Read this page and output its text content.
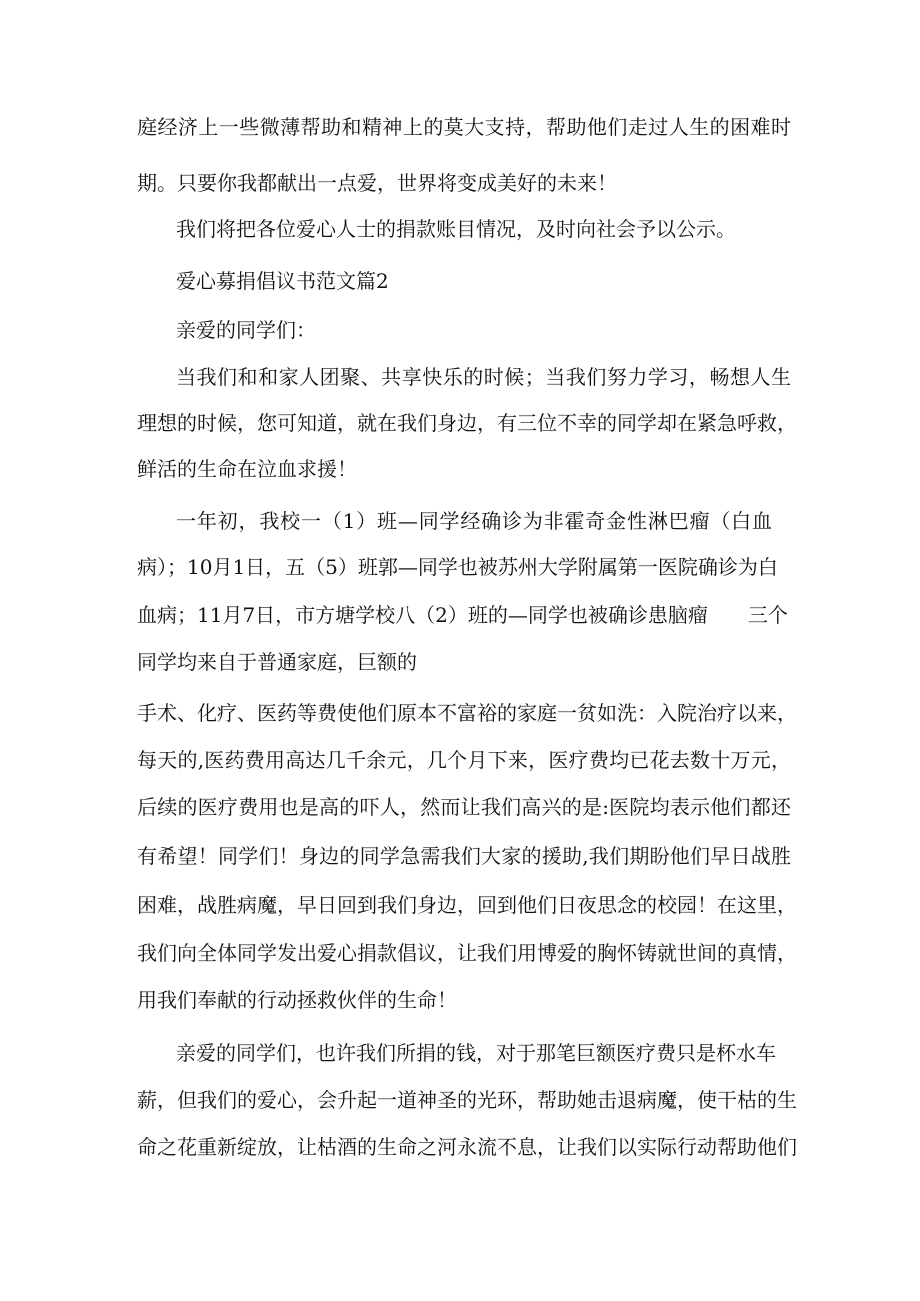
庭经济上一些微薄帮助和精神上的莫大支持，帮助他们走过人生的困难时

期。只要你我都献出一点爱，世界将变成美好的未来！

我们将把各位爱心人士的捐款账目情况，及时向社会予以公示。

爱心募捐倡议书范文篇2

亲爱的同学们：

当我们和和家人团聚、共享快乐的时候；当我们努力学习，畅想人生

理想的时候，您可知道，就在我们身边，有三位不幸的同学却在紧急呼救，

鲜活的生命在泣血求援！

一年初，我校一（1）班—同学经确诊为非霍奇金性淋巴瘤（白血

病）；10月1日，五（5）班郭—同学也被苏州大学附属第一医院确诊为白

血病；11月7日，市方塘学校八（2）班的—同学也被确诊患脑瘤　　三个

同学均来自于普通家庭，巨额的

手术、化疗、医药等费使他们原本不富裕的家庭一贫如洗：入院治疗以来，

每天的,医药费用高达几千余元，几个月下来，医疗费均已花去数十万元，

后续的医疗费用也是高的吓人，然而让我们高兴的是:医院均表示他们都还

有希望！同学们！身边的同学急需我们大家的援助,我们期盼他们早日战胜

困难，战胜病魔，早日回到我们身边，回到他们日夜思念的校园！在这里，

我们向全体同学发出爱心捐款倡议，让我们用博爱的胸怀铸就世间的真情，

用我们奉献的行动拯救伙伴的生命！

亲爱的同学们，也许我们所捐的钱，对于那笔巨额医疗费只是杯水车

薪，但我们的爱心，会升起一道神圣的光环，帮助她击退病魔，使干枯的生

命之花重新绽放，让枯酒的生命之河永流不息，让我们以实际行动帮助他们
